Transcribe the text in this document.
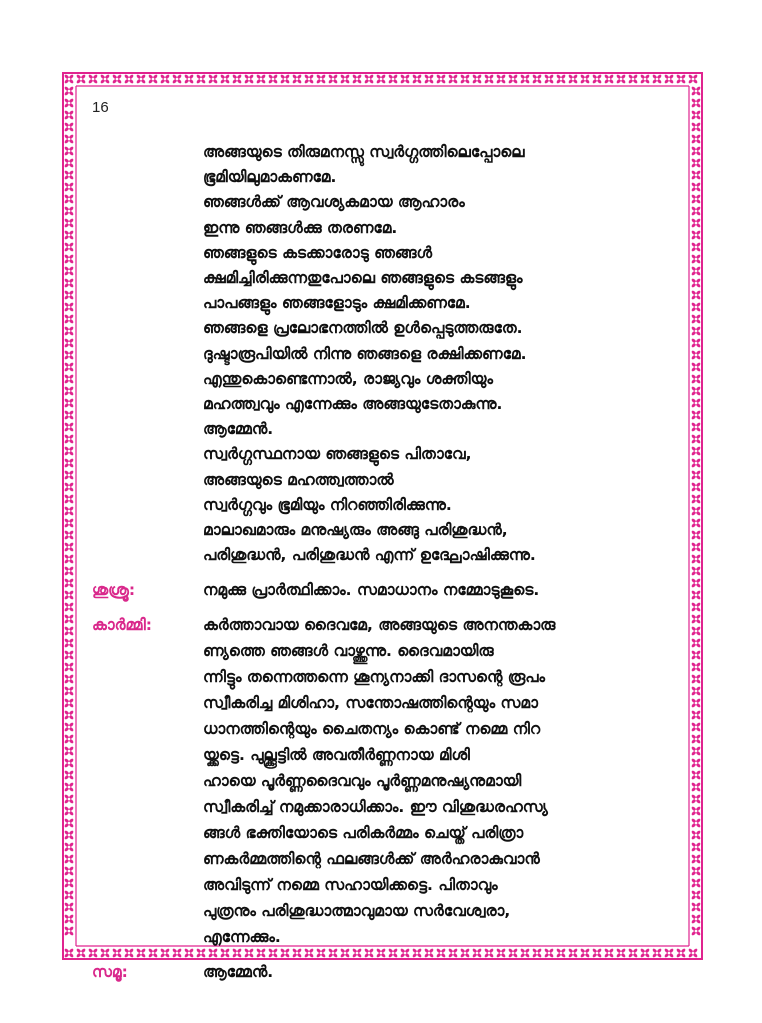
16
അങ്ങയുടെ തിരുമനസ്സു സ്വർഗ്ഗത്തിലെപ്പോലെ
ഭൂമിയിലുമാകണമേ.
ഞങ്ങൾക്ക് ആവശ്യകമായ ആഹാരം
ഇന്നു ഞങ്ങൾക്കു തരണമേ.
ഞങ്ങളുടെ കടക്കാരോടു ഞങ്ങൾ
ക്ഷമിച്ചിരിക്കുന്നതുപോലെ ഞങ്ങളുടെ കടങ്ങളും
പാപങ്ങളും ഞങ്ങളോടും ക്ഷമിക്കണമേ.
ഞങ്ങളെ പ്രലോഭനത്തിൽ ഉൾപ്പെടുത്തരുതേ.
ദുഷ്ടാരൂപിയിൽ നിന്നു ഞങ്ങളെ രക്ഷിക്കണമേ.
എന്തുകൊണ്ടെന്നാൽ, രാജ്യവും ശക്തിയും
മഹത്ത്വവും എന്നേക്കും അങ്ങയുടേതാകുന്നു.
ആമ്മേൻ.
സ്വർഗ്ഗസ്ഥനായ ഞങ്ങളുടെ പിതാവേ,
അങ്ങയുടെ മഹത്ത്വത്താൽ
സ്വർഗ്ഗവും ഭൂമിയും നിറഞ്ഞിരിക്കുന്നു.
മാലാഖമാരും മനുഷ്യരും അങ്ങു പരിശുദ്ധൻ,
പരിശുദ്ധൻ, പരിശുദ്ധൻ എന്ന് ഉദ്ഘോഷിക്കുന്നു.
ശുശ്രൂ:	നമുക്കു പ്രാർത്ഥിക്കാം. സമാധാനം നമ്മോടുകൂടെ.
കാർമ്മി:	കർത്താവായ ദൈവമേ, അങ്ങയുടെ അനന്തകാരു
ണ്യത്തെ ഞങ്ങൾ വാഴ്ത്തുന്നു. ദൈവമായിരു
ന്നിട്ടും തന്നെത്തന്നെ ശൂന്യനാക്കി ദാസന്റെ രൂപം
സ്വീകരിച്ച മിശിഹാ, സന്തോഷത്തിന്റെയും സമാ
ധാനത്തിന്റെയും ചൈതന്യം കൊണ്ട് നമ്മെ നിറ
യ്ക്കട്ടെ. പുല്ക്കൂട്ടിൽ അവതീർണ്ണനായ മിശി
ഹായെ പൂർണ്ണദൈവവും പൂർണ്ണമനുഷ്യനുമായി
സ്വീകരിച്ച് നമുക്കാരാധിക്കാം. ഈ വിശുദ്ധരഹസ്യ
ങ്ങൾ ഭക്തിയോടെ പരികർമ്മം ചെയ്ത് പരിത്രാ
ണകർമ്മത്തിന്റെ ഫലങ്ങൾക്ക് അർഹരാകുവാൻ
അവിടുന്ന് നമ്മെ സഹായിക്കട്ടെ. പിതാവും
പുത്രനും പരിശുദ്ധാത്മാവുമായ സർവേശ്വരാ,
എന്നേക്കും.
സമൂ:	ആമ്മേൻ.
